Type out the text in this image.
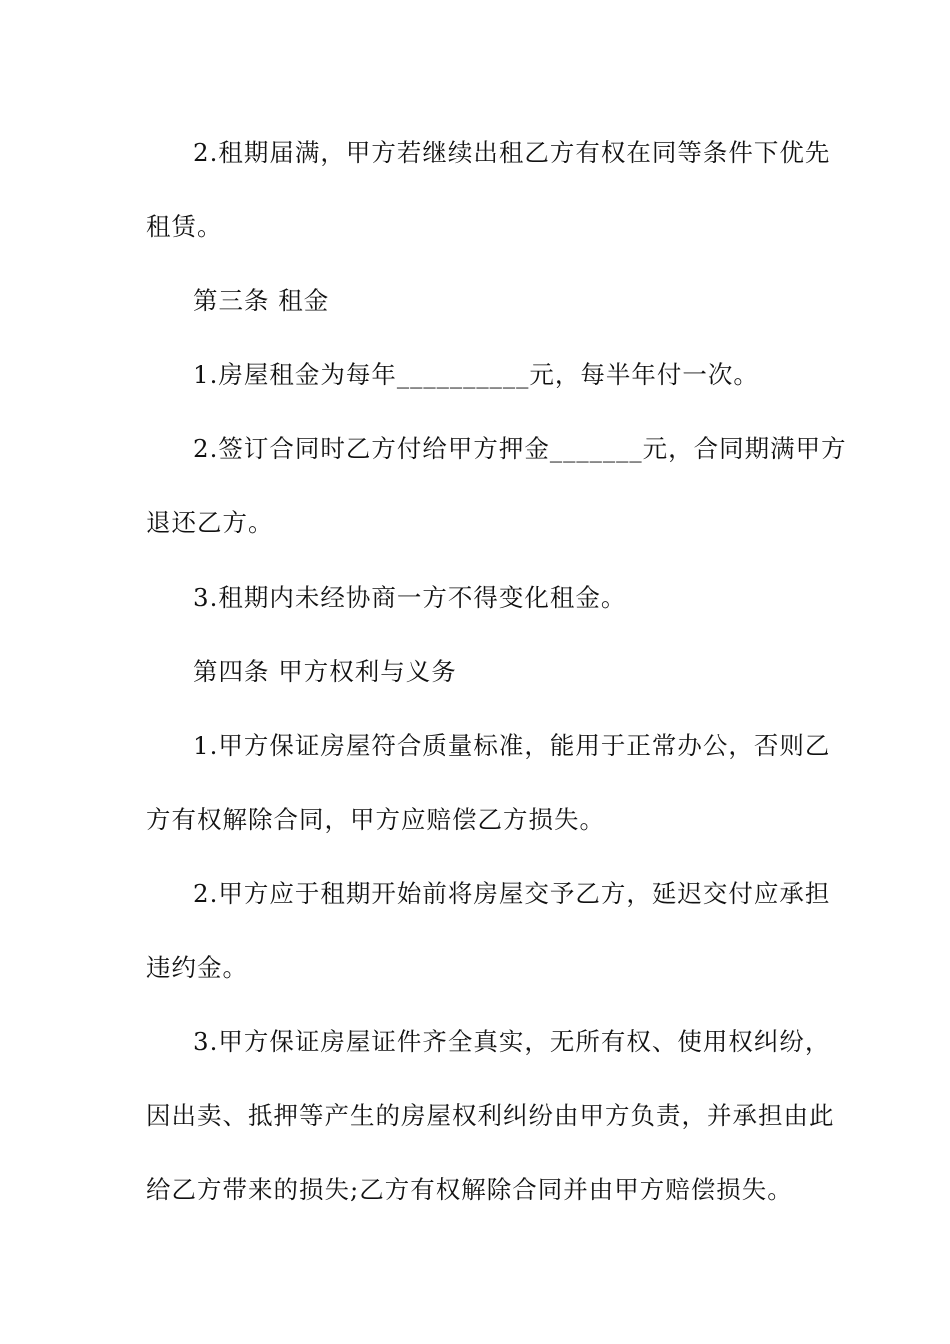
2.租期届满，甲方若继续出租乙方有权在同等条件下优先
租赁。
第三条 租金
1.房屋租金为每年__________元，每半年付一次。
2.签订合同时乙方付给甲方押金_______元，合同期满甲方
退还乙方。
3.租期内未经协商一方不得变化租金。
第四条 甲方权利与义务
1.甲方保证房屋符合质量标准，能用于正常办公，否则乙
方有权解除合同，甲方应赔偿乙方损失。
2.甲方应于租期开始前将房屋交予乙方，延迟交付应承担
违约金。
3.甲方保证房屋证件齐全真实，无所有权、使用权纠纷，
因出卖、抵押等产生的房屋权利纠纷由甲方负责，并承担由此
给乙方带来的损失;乙方有权解除合同并由甲方赔偿损失。
